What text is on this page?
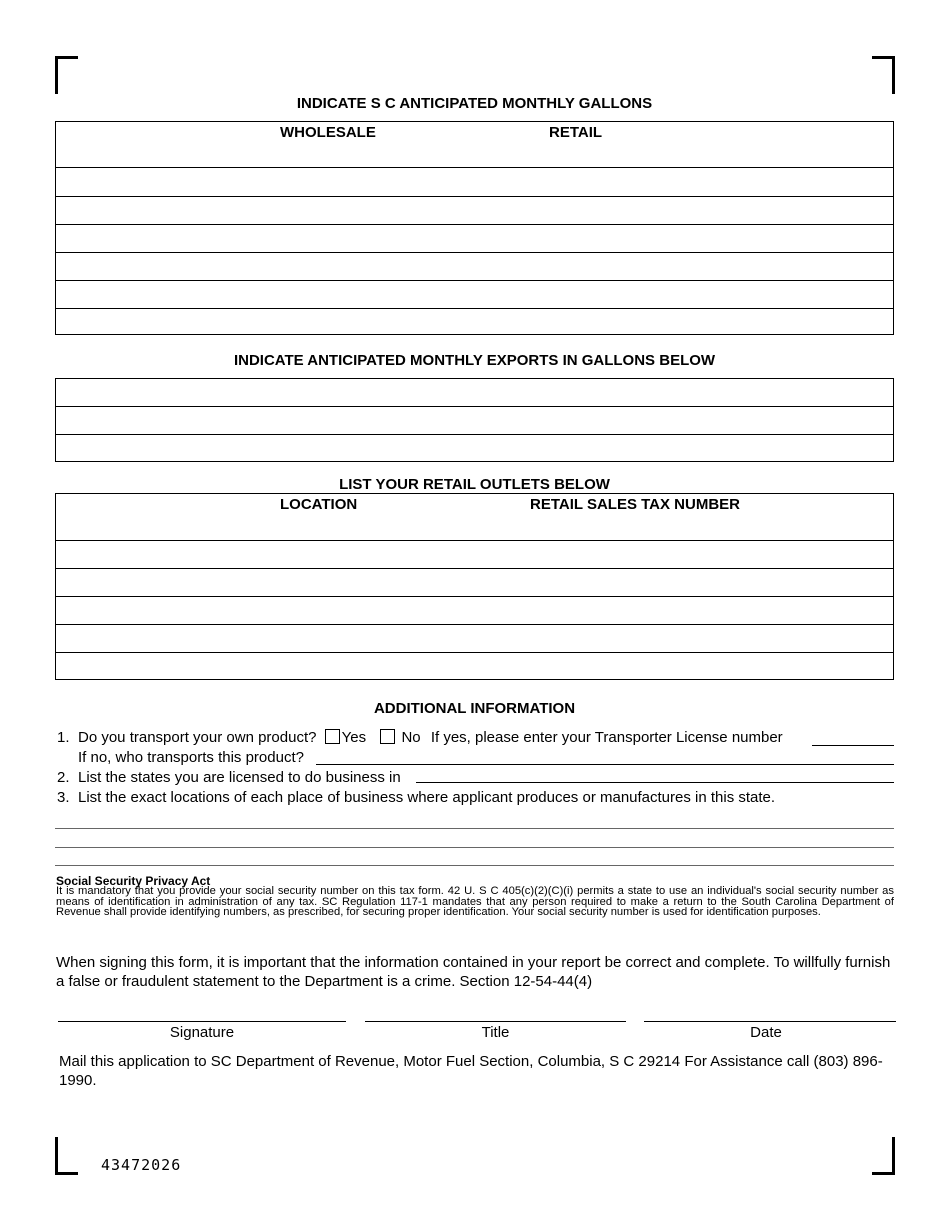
INDICATE S C ANTICIPATED MONTHLY GALLONS
WHOLESALE	RETAIL
INDICATE ANTICIPATED MONTHLY EXPORTS IN GALLONS BELOW
LIST YOUR RETAIL OUTLETS BELOW
LOCATION	RETAIL SALES TAX NUMBER
ADDITIONAL INFORMATION
1. Do you transport your own product? Yes No If yes, please enter your Transporter License number
If no, who transports this product?
2. List the states you are licensed to do business in
3. List the exact locations of each place of business where applicant produces or manufactures in this state.
Social Security Privacy Act
It is mandatory that you provide your social security number on this tax form. 42 U. S C 405(c)(2)(C)(i) permits a state to use an individual's social security number as means of identification in administration of any tax. SC Regulation 117-1 mandates that any person required to make a return to the South Carolina Department of Revenue shall provide identifying numbers, as prescribed, for securing proper identification. Your social security number is used for identification purposes.
When signing this form, it is important that the information contained in your report be correct and complete. To willfully furnish a false or fraudulent statement to the Department is a crime. Section 12-54-44(4)
Signature	Title	Date
Mail this application to SC Department of Revenue, Motor Fuel Section, Columbia, S C 29214 For Assistance call (803) 896-1990.
43472026
